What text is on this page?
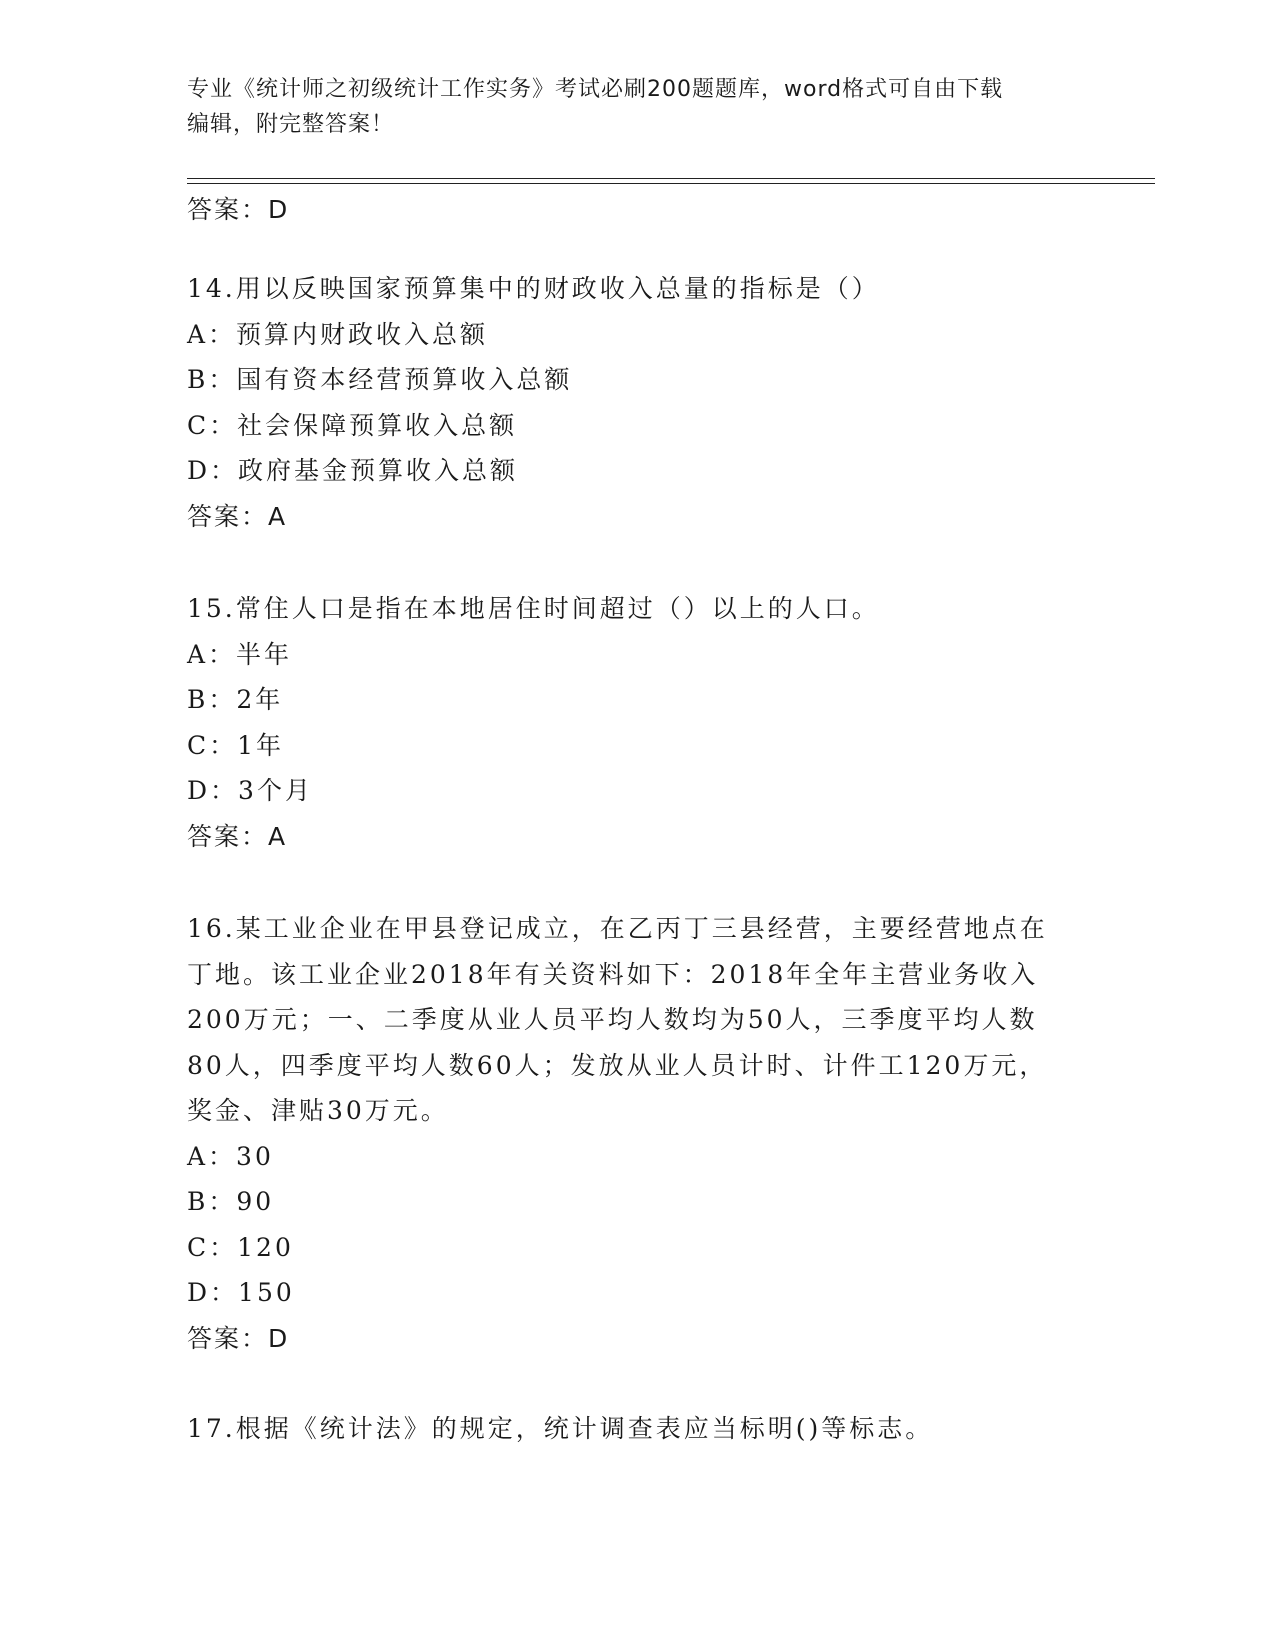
专业《统计师之初级统计工作实务》考试必刷200题题库，word格式可自由下载
编辑，附完整答案！
答案：D
14.用以反映国家预算集中的财政收入总量的指标是（）
A：预算内财政收入总额
B：国有资本经营预算收入总额
C：社会保障预算收入总额
D：政府基金预算收入总额
答案：A
15.常住人口是指在本地居住时间超过（）以上的人口。
A：半年
B：2年
C：1年
D：3个月
答案：A
16.某工业企业在甲县登记成立，在乙丙丁三县经营，主要经营地点在
丁地。该工业企业2018年有关资料如下：2018年全年主营业务收入
200万元；一、二季度从业人员平均人数均为50人，三季度平均人数
80人，四季度平均人数60人；发放从业人员计时、计件工120万元，
奖金、津贴30万元。
A：30
B：90
C：120
D：150
答案：D
17.根据《统计法》的规定，统计调查表应当标明()等标志。
